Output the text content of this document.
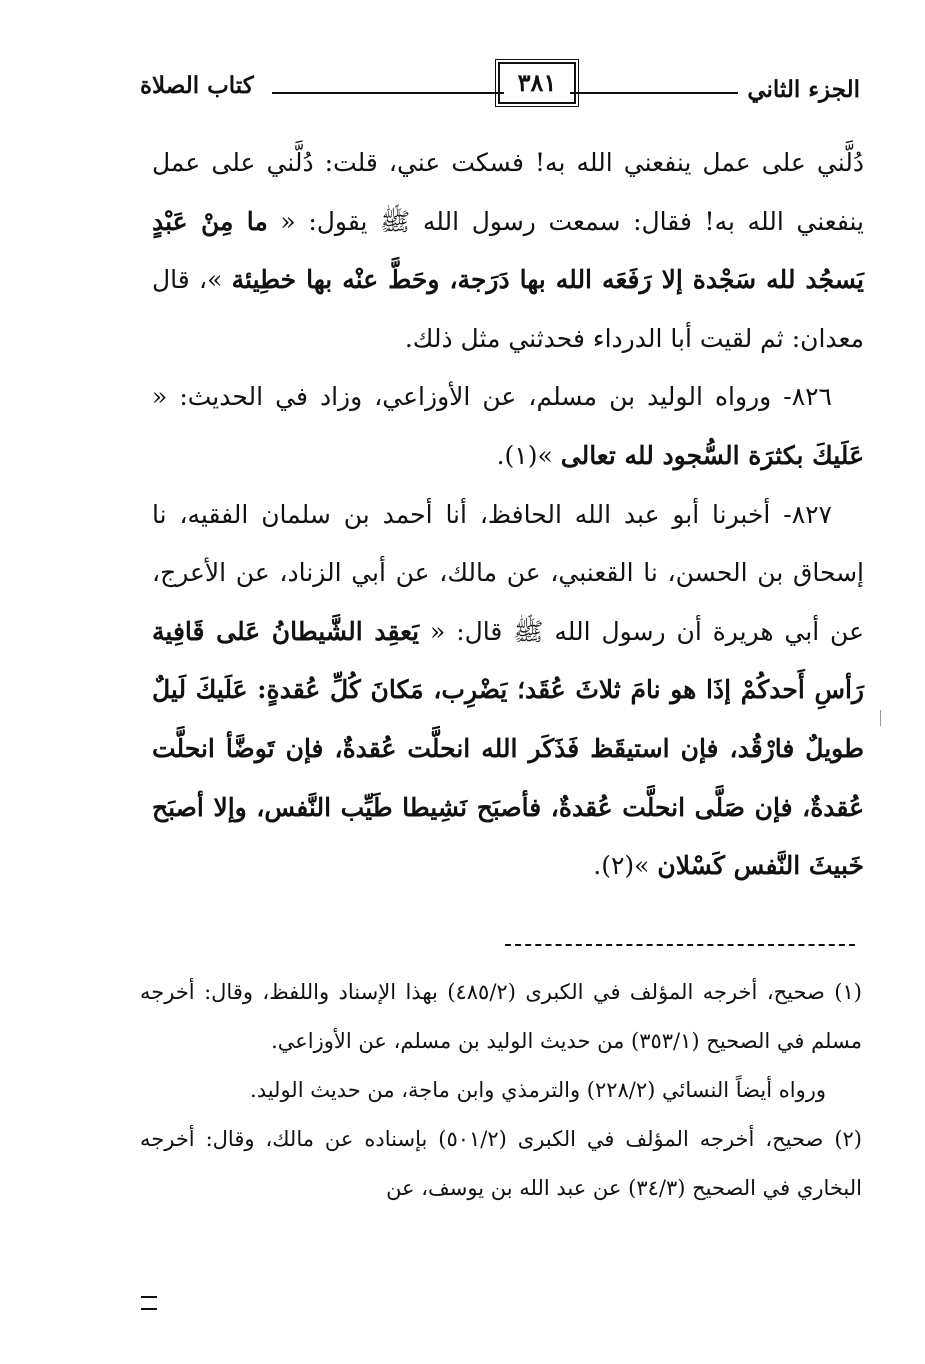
كتاب الصلاة	٣٨١	الجزء الثاني

دُلَّني على عمل ينفعني الله به! فسكت عني، قلت: دُلَّني على عمل ينفعني الله به! فقال: سمعت رسول الله ﷺ يقول: « ما مِنْ عَبْدٍ يَسجُد لله سَجْدة إلا رَفَعَه الله بها دَرَجة، وحَطَّ عنْه بها خطِيئة »، قال معدان: ثم لقيت أبا الدرداء فحدثني مثل ذلك.

٨٢٦- ورواه الوليد بن مسلم، عن الأوزاعي، وزاد في الحديث: « عَلَيكَ بكثرَة السُّجود لله تعالى »(١).

٨٢٧- أخبرنا أبو عبد الله الحافظ، أنا أحمد بن سلمان الفقيه، نا إسحاق بن الحسن، نا القعنبي، عن مالك، عن أبي الزناد، عن الأعرج، عن أبي هريرة أن رسول الله ﷺ قال: « يَعقِد الشَّيطانُ عَلى قَافِية رَأسِ أَحدكُمْ إذَا هو نامَ ثلاثَ عُقَد؛ يَضْرِب، مَكانَ كُلِّ عُقدةٍ: عَلَيكَ لَيلٌ طويلٌ فارْقُد، فإن استيقَظ فَذَكَر الله انحلَّت عُقدةٌ، فإن تَوضَّأ انحلَّت عُقدةٌ، فإن صَلَّى انحلَّت عُقدةٌ، فأصبَح نَشِيطا طَيِّب النَّفس، وإلا أصبَح خَبيثَ النَّفس كَسْلان »(٢).

(١) صحيح، أخرجه المؤلف في الكبرى (٤٨٥/٢) بهذا الإسناد واللفظ، وقال: أخرجه مسلم في الصحيح (٣٥٣/١) من حديث الوليد بن مسلم، عن الأوزاعي.

ورواه أيضاً النسائي (٢٢٨/٢) والترمذي وابن ماجة، من حديث الوليد.

(٢) صحيح، أخرجه المؤلف في الكبرى (٥٠١/٢) بإسناده عن مالك، وقال: أخرجه البخاري في الصحيح (٣٤/٣) عن عبد الله بن يوسف، عن
